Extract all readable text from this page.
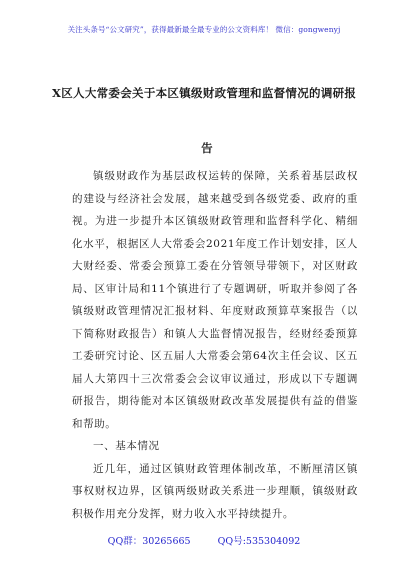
关注头条号“公文研究”，获得最新最全最专业的公文资料库！ 微信：gongwenyj
X区人大常委会关于本区镇级财政管理和监督情况的调研报
告

镇级财政作为基层政权运转的保障，关系着基层政权的建设与经济社会发展，越来越受到各级党委、政府的重视。为进一步提升本区镇级财政管理和监督科学化、精细化水平，根据区人大常委会2021年度工作计划安排，区人大财经委、常委会预算工委在分管领导带领下，对区财政局、区审计局和11个镇进行了专题调研，听取并参阅了各镇级财政管理情况汇报材料、年度财政预算草案报告（以下简称财政报告）和镇人大监督情况报告，经财经委预算工委研究讨论、区五届人大常委会第64次主任会议、区五届人大第四十三次常委会会议审议通过，形成以下专题调研报告，期待能对本区镇级财政改革发展提供有益的借鉴和帮助。

一、基本情况

近几年，通过区镇财政管理体制改革，不断厘清区镇事权财权边界，区镇两级财政关系进一步理顺，镇级财政积极作用充分发挥，财力收入水平持续提升。

QQ群：30265665	QQ号:535304092
